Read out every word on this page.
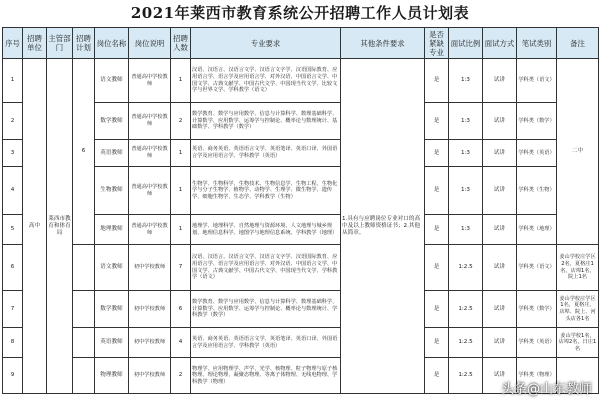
2021年莱西市教育系统公开招聘工作人员计划表
序号	招聘单位	主管部门	招聘计划	岗位名称	岗位说明	招聘人数	专业要求	其他条件要求	是否紧缺专业	面试比例	面试方式	笔试类别	备注
1	高中	莱西市教育和体育局	6	语文教师	普通高中学校教师	1	汉语、汉语言、汉语言文学、汉语言文字学、汉语国际教育、应用语言学、语言学及应用语言学、对外汉语、中国语言文学、中国文学、古典文献学、中国古代文学、中国现当代文学、比较文学与世界文学、学科教学（语文）	1.具有与应聘岗位专业对口的高中及以上教师资格证书；2.其他从简章。	是	1:3	试讲	学科类（语文）	二中
2				数学教师	普通高中学校教师	2	数学教育、数学与应用数学、信息与计算科学、数理基础科学、计算数学、应用数学、运筹学与控制论、概率论与数理统计、基础数学、学科教学（数学）		是	1:3	试讲	学科类（数学）	
3				英语教师	普通高中学校教师	1	英语、商务英语、英语语言文学、英语笔译、英语口译、外国语言学及应用语言学、学科教学（英语）		是	1:3	试讲	学科类（英语）	
4				生物教师	普通高中学校教师	1	生物学、生物科学、生物技术、生物信息学、生物工程、生物化学与分子生物学、植物学、动物学、生理学、微生物学、遗传学、细胞生物学、生态学、学科教学（生物）		是	1:3	试讲	学科类（生物）	
5				地理教师	普通高中学校教师	1	地理学、地理科学、自然地理与资源环境、人文地理与城乡规划、地理信息科学、地图学与地理信息系统、学科教学（地理）		是	1:3	试讲	学科类（地理）	
6				语文教师	初中学校教师	7	汉语、汉语言、汉语言文学、汉语言文字学、汉语国际教育、应用语言学、语言学及应用语言学、对外汉语、中国语言文学、中国文学、古典文献学、中国古代文学、中国现当代文学、学科教学（语文）		是	1:2.5	试讲	学科类（语文）	姜山学校庄学区2名，夏格庄1名，店埠1名，院上1名
7				数学教师	初中学校教师	6	数学教育、数学与应用数学、信息与计算科学、数理基础科学、计算数学、应用数学、运筹学与控制论、概率论与数理统计、学科教学（数学）		是	1:2.5	试讲	学科类（数学）	姜山学校庄学区1名，夏格庄、店埠、院上、河头店各1名
8				英语教师	初中学校教师	4	英语、商务英语、英语语言文学、英语笔译、英语口译、外国语言学及应用语言学、学科教学（英语）		是	1:2.5	试讲	学科类（英语）	姜山学校1名，店埠2名，日庄1名
9				物理教师	初中学校教师	2	物理学、应用物理学、声学、光学、核物理、粒子物理与原子核物理、理论物理、凝聚态物理、等离子体物理、无线电物理、学科教学（物理）		是	1:2.5	试讲	学科类（物理）	
头条@山东教师
